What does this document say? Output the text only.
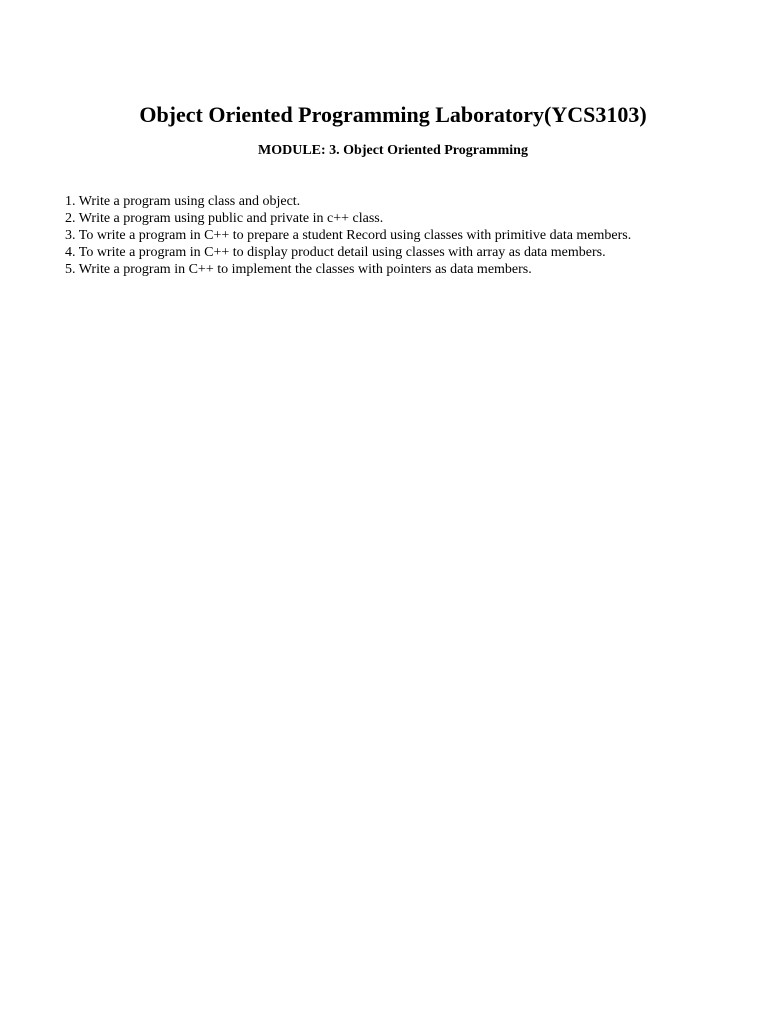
Object Oriented Programming Laboratory(YCS3103)
MODULE: 3. Object Oriented Programming
1. Write a program using class and object.
2. Write a program using public and private in c++ class.
3. To write a program in C++ to prepare a student Record using classes with primitive data members.
4. To write a program in C++ to display product detail using classes with array as data members.
5. Write a program in C++ to implement the classes with pointers as data members.
